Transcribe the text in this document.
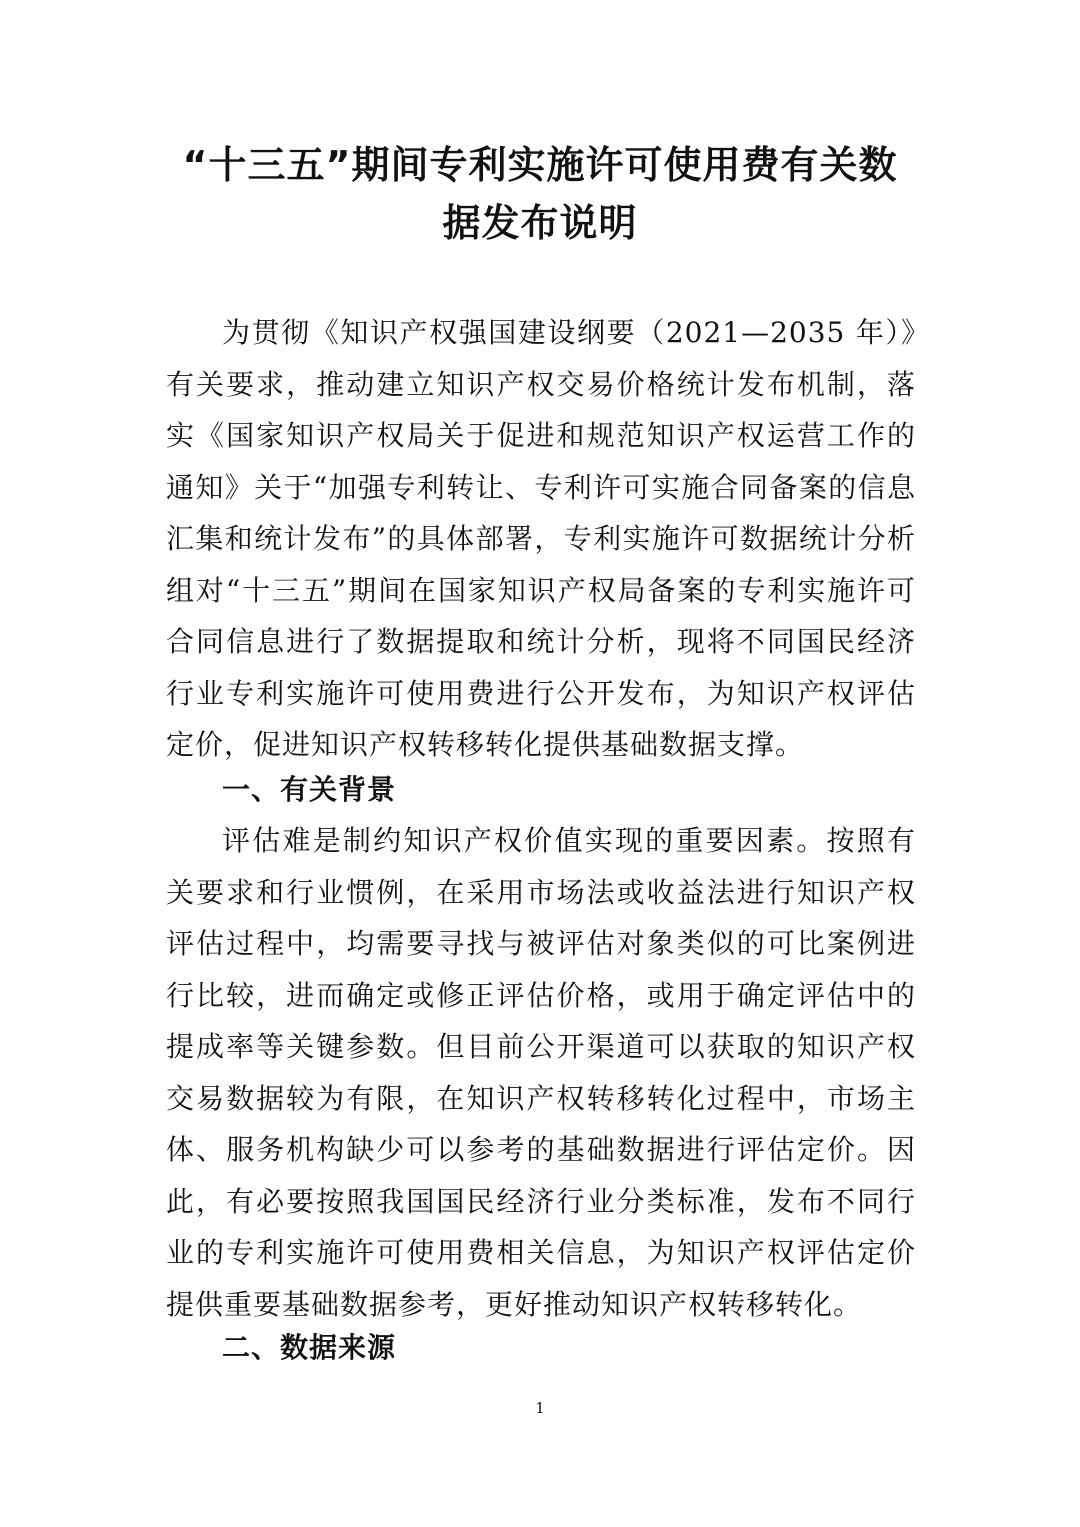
“十三五”期间专利实施许可使用费有关数
据发布说明

为贯彻《知识产权强国建设纲要（2021—2035 年）》有关要求，推动建立知识产权交易价格统计发布机制，落实《国家知识产权局关于促进和规范知识产权运营工作的通知》关于“加强专利转让、专利许可实施合同备案的信息汇集和统计发布”的具体部署，专利实施许可数据统计分析组对“十三五”期间在国家知识产权局备案的专利实施许可合同信息进行了数据提取和统计分析，现将不同国民经济行业专利实施许可使用费进行公开发布，为知识产权评估定价，促进知识产权转移转化提供基础数据支撑。

一、有关背景

评估难是制约知识产权价值实现的重要因素。按照有关要求和行业惯例，在采用市场法或收益法进行知识产权评估过程中，均需要寻找与被评估对象类似的可比案例进行比较，进而确定或修正评估价格，或用于确定评估中的提成率等关键参数。但目前公开渠道可以获取的知识产权交易数据较为有限，在知识产权转移转化过程中，市场主体、服务机构缺少可以参考的基础数据进行评估定价。因此，有必要按照我国国民经济行业分类标准，发布不同行业的专利实施许可使用费相关信息，为知识产权评估定价提供重要基础数据参考，更好推动知识产权转移转化。

二、数据来源
1
